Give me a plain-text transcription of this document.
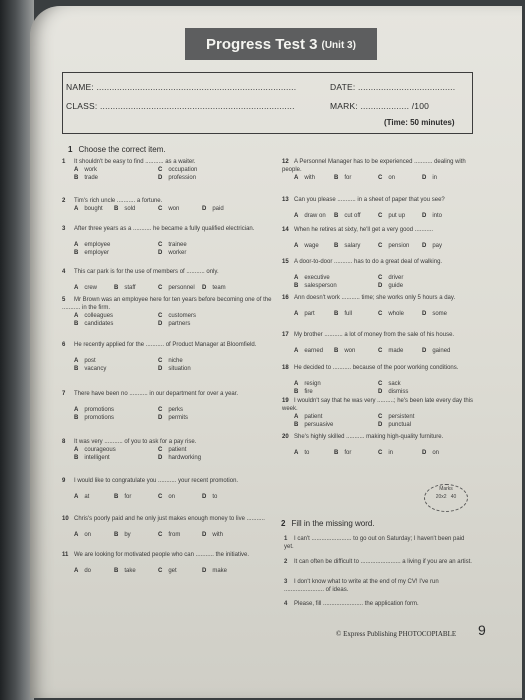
Progress Test 3 (Unit 3)
NAME: ..............................................................................	DATE: ......................................
CLASS: ............................................................................	MARK: ................... /100
(Time: 50 minutes)
1 Choose the correct item.
2 Fill in the missing word.
1 It shouldn't be easy to find ........... as a waiter.
A work	C occupation
B trade	D profession
2 Tim's rich uncle ........... a fortune.
A bought B sold	C won	D paid
3 After three years as a ........... he became a fully qualified electrician.
A employee	C trainee
B employer	D worker
4 This car park is for the use of members of ........... only.
A crew	B staff	C personnel D team
5 Mr Brown was an employee here for ten years before becoming one of the ........... in the firm.
A colleagues	C customers
B candidates	D partners
6 He recently applied for the ........... of Product Manager at Bloomfield.
A post	C niche
B vacancy	D situation
7 There have been no ........... in our department for over a year.
A promotions	C perks
B promotions	D permits
8 It was very ........... of you to ask for a pay rise.
A courageous	C patient
B intelligent	D hardworking
9 I would like to congratulate you ........... your recent promotion.
A at	B for	C on	D to
10 Chris's poorly paid and he only just makes enough money to live ...........
A on	B by	C from	D with
11 We are looking for motivated people who can ........... the initiative.
A do	B take	C get	D make
12 A Personnel Manager has to be experienced ........... dealing with people.
A with	B for	C on	D in
13 Can you please ........... in a sheet of paper that you see?
A draw on B cut off	C put up	D into
14 When he retires at sixty, he'll get a very good ...........
A wage	B salary	C pension D pay
15 A door-to-door ........... has to do a great deal of walking.
A executive	C driver
B salesperson	D guide
16 Ann doesn't work ........... time; she works only 5 hours a day.
A part	B full	C whole	D some
17 My brother ........... a lot of money from the sale of his house.
A earned B won	C made	D gained
18 He decided to ........... because of the poor working conditions.
A resign	C sack
B fire	D dismiss
19 I wouldn't say that he was very ..........; he's been late every day this week.
A patient	C persistent
B persuasive	D punctual
20 She's highly skilled ........... making high-quality furniture.
A to	B for	C in	D on
1 I can't ........................ to go out on Saturday; I haven't been paid yet.
2 It can often be difficult to ........................ a living if you are an artist.
3 I don't know what to write at the end of my CV! I've run ........................ of ideas.
4 Please, fill ........................ the application form.
Marks
20x2 40
© Express Publishing PHOTOCOPIABLE 9
